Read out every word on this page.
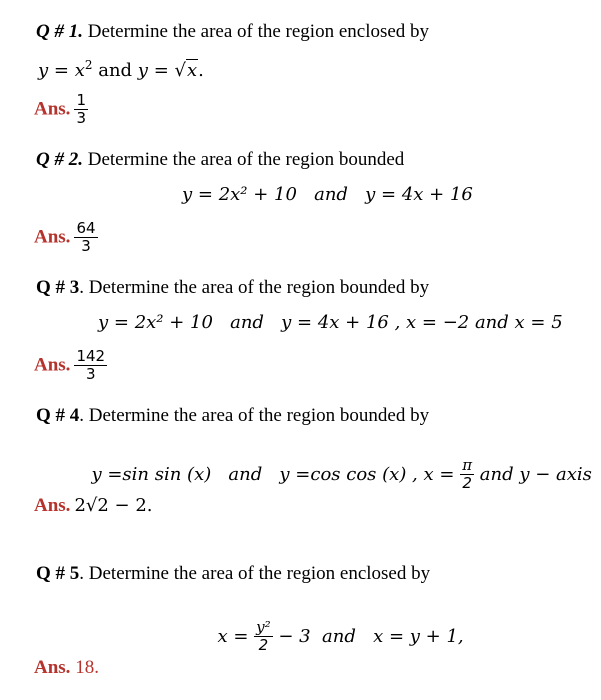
Q # 1. Determine the area of the region enclosed by
$y = x^2$ and y = √x.
Ans. $\frac{1}{3}$
Q # 2. Determine the area of the region bounded
y = 2x² + 10   and   y = 4x + 16
Ans. $\frac{64}{3}$
Q # 3. Determine the area of the region bounded by
y = 2x² + 10   and   y = 4x + 16 , x = −2 and x = 5
Ans. $\frac{142}{3}$
Q # 4. Determine the area of the region bounded by

y =sin sin (x)   and   y =cos cos (x) , $x = \frac{\pi}{2}$ and y − axis

Ans. 2√2 − 2.
Q # 5. Determine the area of the region enclosed by

$x = \frac{\text{y²}}{2} - 3$  and   x = y + 1,

Ans. 18.
